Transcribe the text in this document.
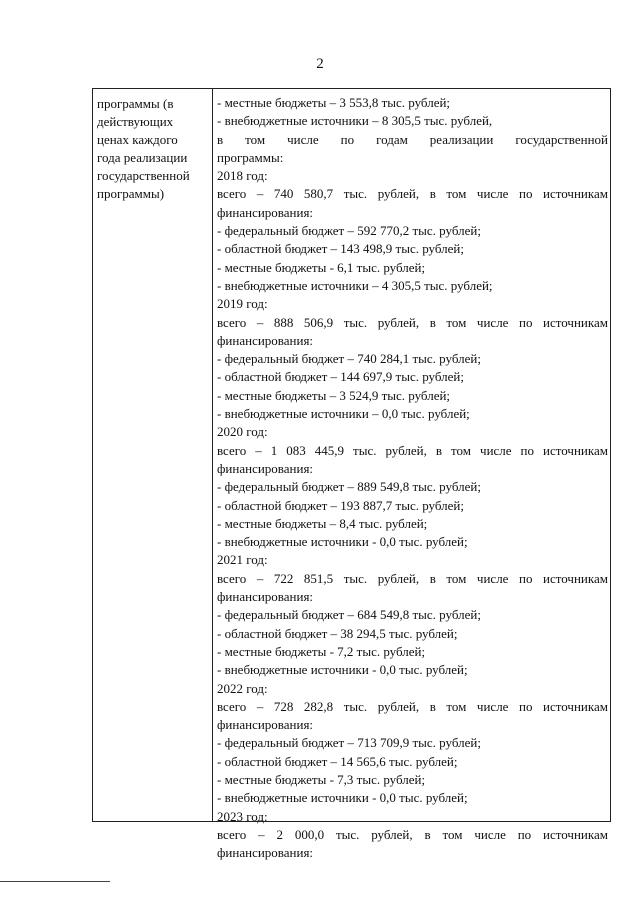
2
программы (в
действующих
ценах каждого
года реализации
государственной
программы)
- местные бюджеты – 3 553,8 тыс. рублей;
- внебюджетные источники – 8 305,5 тыс. рублей,
в том числе по годам реализации государственной
программы:
2018 год:
всего – 740 580,7 тыс. рублей, в том числе по источникам
финансирования:
- федеральный бюджет – 592 770,2 тыс. рублей;
- областной бюджет – 143 498,9 тыс. рублей;
- местные бюджеты - 6,1 тыс. рублей;
- внебюджетные источники – 4 305,5 тыс. рублей;
2019 год:
всего – 888 506,9 тыс. рублей, в том числе по источникам
финансирования:
- федеральный бюджет – 740 284,1 тыс. рублей;
- областной бюджет – 144 697,9 тыс. рублей;
- местные бюджеты – 3 524,9 тыс. рублей;
- внебюджетные источники – 0,0 тыс. рублей;
2020 год:
всего – 1 083 445,9 тыс. рублей, в том числе по источникам
финансирования:
- федеральный бюджет – 889 549,8 тыс. рублей;
- областной бюджет – 193 887,7 тыс. рублей;
- местные бюджеты – 8,4 тыс. рублей;
- внебюджетные источники - 0,0 тыс. рублей;
2021 год:
всего – 722 851,5 тыс. рублей, в том числе по источникам
финансирования:
- федеральный бюджет – 684 549,8 тыс. рублей;
- областной бюджет – 38 294,5 тыс. рублей;
- местные бюджеты - 7,2 тыс. рублей;
- внебюджетные источники - 0,0 тыс. рублей;
2022 год:
всего – 728 282,8 тыс. рублей, в том числе по источникам
финансирования:
- федеральный бюджет – 713 709,9 тыс. рублей;
- областной бюджет – 14 565,6 тыс. рублей;
- местные бюджеты - 7,3 тыс. рублей;
- внебюджетные источники - 0,0 тыс. рублей;
2023 год:
всего – 2 000,0 тыс. рублей, в том числе по источникам
финансирования:
